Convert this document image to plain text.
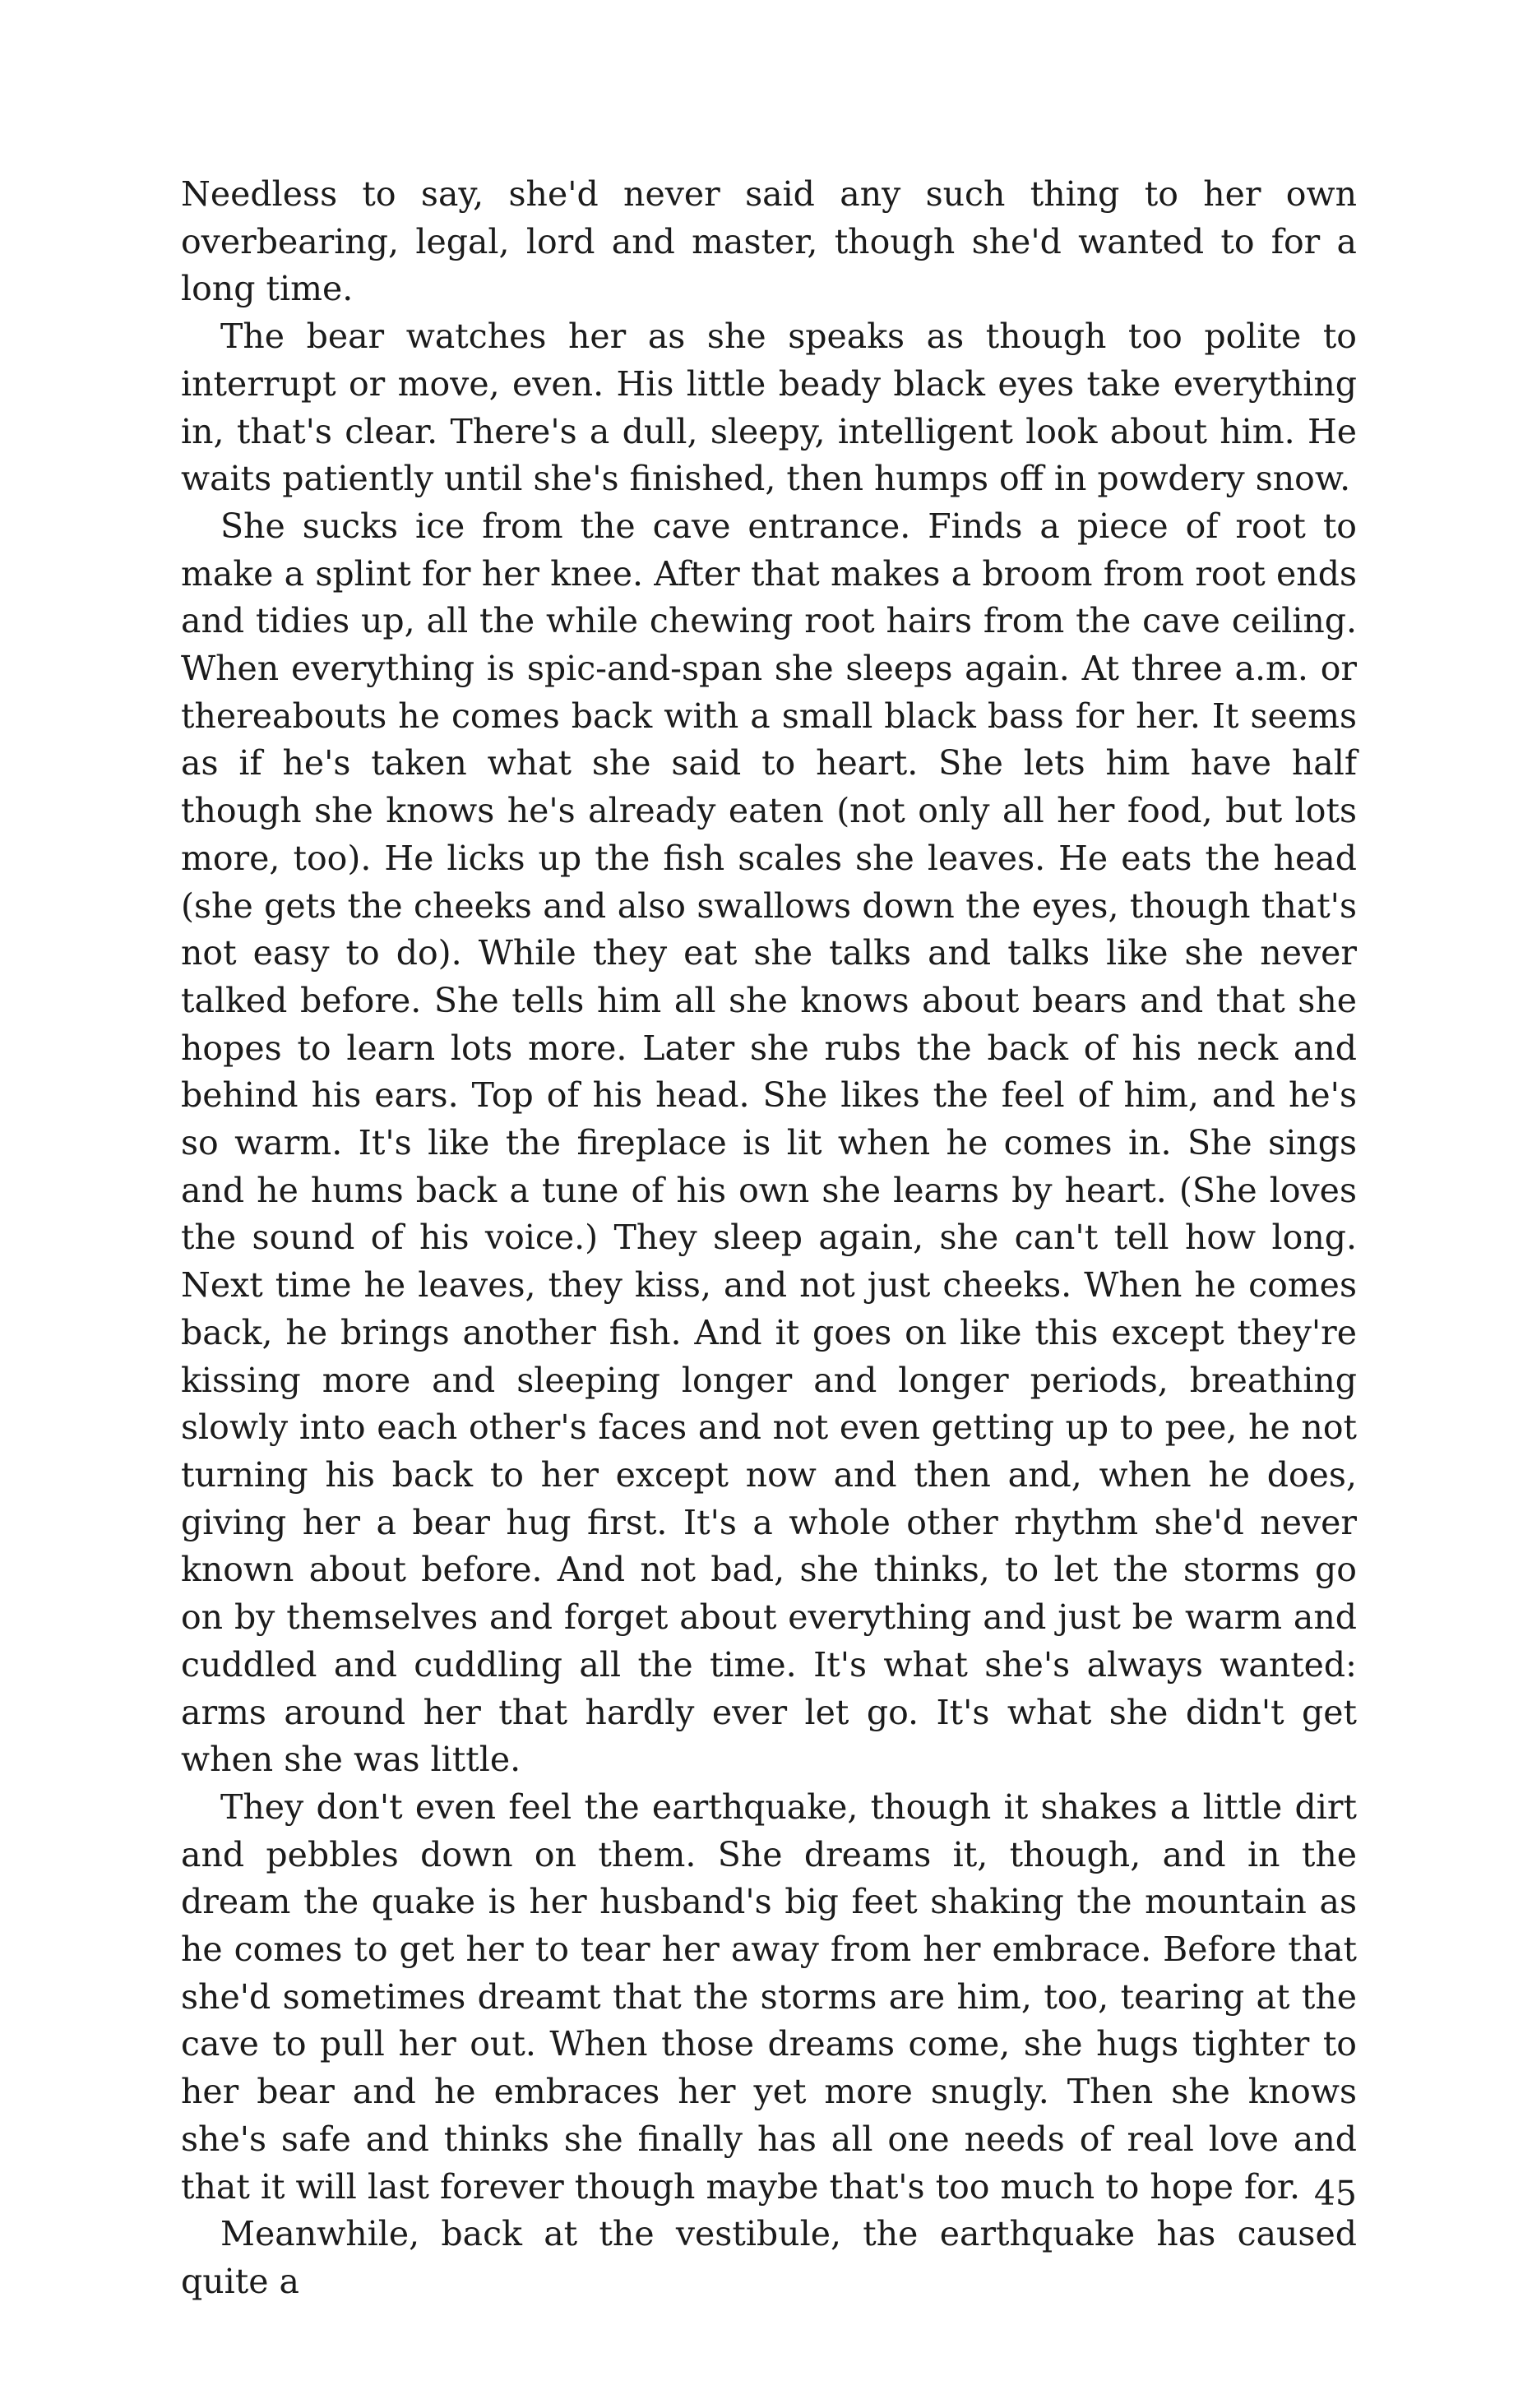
Needless to say, she'd never said any such thing to her own overbearing, legal, lord and master, though she'd wanted to for a long time.

The bear watches her as she speaks as though too polite to interrupt or move, even. His little beady black eyes take everything in, that's clear. There's a dull, sleepy, intelligent look about him. He waits patiently until she's finished, then humps off in powdery snow.

She sucks ice from the cave entrance. Finds a piece of root to make a splint for her knee. After that makes a broom from root ends and tidies up, all the while chewing root hairs from the cave ceiling. When everything is spic-and-span she sleeps again. At three a.m. or thereabouts he comes back with a small black bass for her. It seems as if he's taken what she said to heart. She lets him have half though she knows he's already eaten (not only all her food, but lots more, too). He licks up the fish scales she leaves. He eats the head (she gets the cheeks and also swallows down the eyes, though that's not easy to do). While they eat she talks and talks like she never talked before. She tells him all she knows about bears and that she hopes to learn lots more. Later she rubs the back of his neck and behind his ears. Top of his head. She likes the feel of him, and he's so warm. It's like the fireplace is lit when he comes in. She sings and he hums back a tune of his own she learns by heart. (She loves the sound of his voice.) They sleep again, she can't tell how long. Next time he leaves, they kiss, and not just cheeks. When he comes back, he brings another fish. And it goes on like this except they're kissing more and sleeping longer and longer periods, breathing slowly into each other's faces and not even getting up to pee, he not turning his back to her except now and then and, when he does, giving her a bear hug first. It's a whole other rhythm she'd never known about before. And not bad, she thinks, to let the storms go on by themselves and forget about everything and just be warm and cuddled and cuddling all the time. It's what she's always wanted: arms around her that hardly ever let go. It's what she didn't get when she was little.

They don't even feel the earthquake, though it shakes a little dirt and pebbles down on them. She dreams it, though, and in the dream the quake is her husband's big feet shaking the mountain as he comes to get her to tear her away from her embrace. Before that she'd sometimes dreamt that the storms are him, too, tearing at the cave to pull her out. When those dreams come, she hugs tighter to her bear and he embraces her yet more snugly. Then she knows she's safe and thinks she finally has all one needs of real love and that it will last forever though maybe that's too much to hope for.

Meanwhile, back at the vestibule, the earthquake has caused quite a

45
